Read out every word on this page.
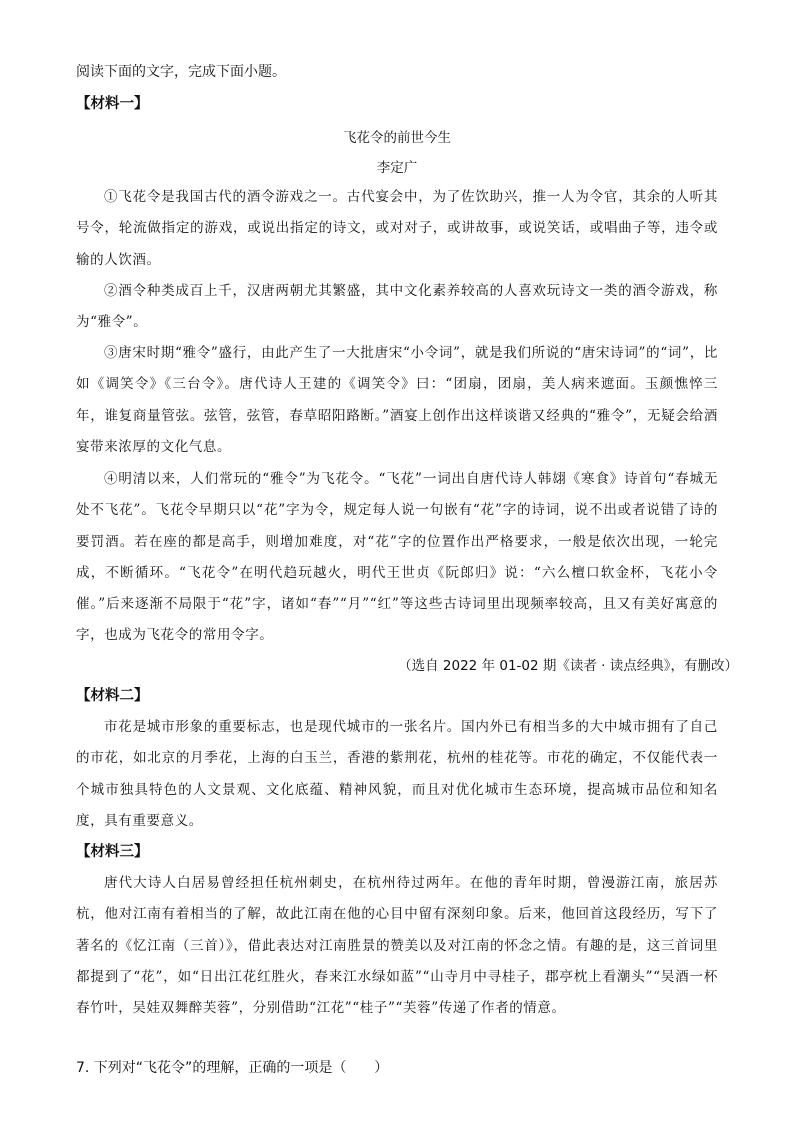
阅读下面的文字，完成下面小题。
【材料一】
飞花令的前世今生
李定广
①飞花令是我国古代的酒令游戏之一。古代宴会中，为了佐饮助兴，推一人为令官，其余的人听其号令，轮流做指定的游戏，或说出指定的诗文，或对对子，或讲故事，或说笑话，或唱曲子等，违令或输的人饮酒。
②酒令种类成百上千，汉唐两朝尤其繁盛，其中文化素养较高的人喜欢玩诗文一类的酒令游戏，称为“雅令”。
③唐宋时期“雅令”盛行，由此产生了一大批唐宋“小令词”，就是我们所说的“唐宋诗词”的“词”，比如《调笑令》《三台令》。唐代诗人王建的《调笑令》曰：“团扇，团扇，美人病来遮面。玉颜憔悴三年，谁复商量管弦。弦管，弦管，春草昭阳路断。”酒宴上创作出这样谈谐又经典的“雅令”，无疑会给酒宴带来浓厚的文化气息。
④明清以来，人们常玩的“雅令”为飞花令。“飞花”一词出自唐代诗人韩翃《寒食》诗首句“春城无处不飞花”。飞花令早期只以“花”字为令，规定每人说一句嵌有“花”字的诗词，说不出或者说错了诗的要罚酒。若在座的都是高手，则增加难度，对“花”字的位置作出严格要求，一般是依次出现，一轮完成，不断循环。“飞花令”在明代趋玩越火，明代王世贞《阮郎归》说：“六么檀口软金杯，飞花小令催。”后来逐渐不局限于“花”字，诸如“春”“月”“红”等这些古诗词里出现频率较高，且又有美好寓意的字，也成为飞花令的常用令字。
（选自 2022 年 01-02 期《读者 · 读点经典》，有删改）
【材料二】
市花是城市形象的重要标志，也是现代城市的一张名片。国内外已有相当多的大中城市拥有了自己的市花，如北京的月季花，上海的白玉兰，香港的紫荆花，杭州的桂花等。市花的确定，不仅能代表一个城市独具特色的人文景观、文化底蕴、精神风貌，而且对优化城市生态环境，提高城市品位和知名度，具有重要意义。
【材料三】
唐代大诗人白居易曾经担任杭州刺史，在杭州待过两年。在他的青年时期，曾漫游江南，旅居苏杭，他对江南有着相当的了解，故此江南在他的心目中留有深刻印象。后来，他回首这段经历，写下了著名的《忆江南（三首）》，借此表达对江南胜景的赞美以及对江南的怀念之情。有趣的是，这三首词里都提到了“花”，如“日出江花红胜火，春来江水绿如蓝”“山寺月中寻桂子，郡亭枕上看潮头”“吴酒一杯春竹叶，吴娃双舞醉芙蓉”，分别借助“江花”“桂子”“芙蓉”传递了作者的情意。
7. 下列对“飞花令”的理解，正确的一项是（　　）
